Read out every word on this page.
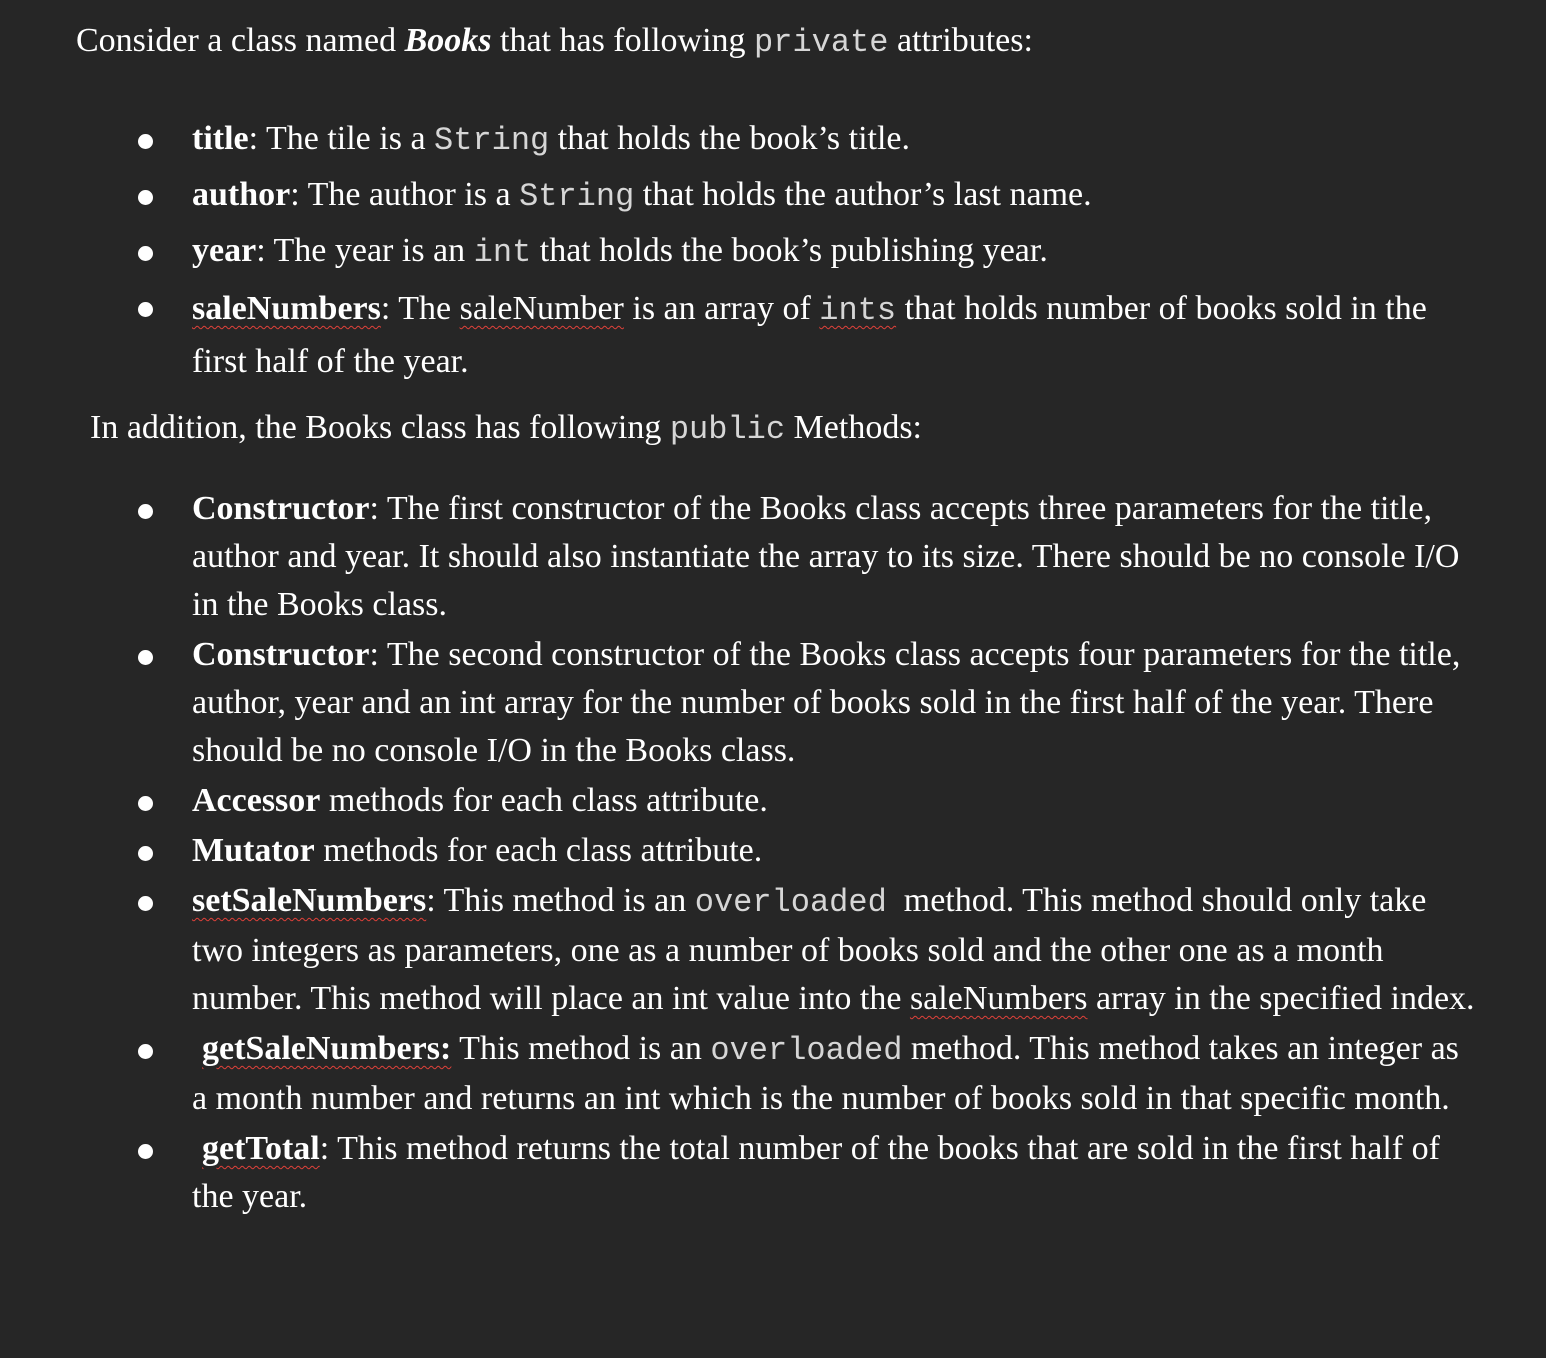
Consider a class named Books that has following private attributes:

title: The tile is a String that holds the book’s title.
author: The author is a String that holds the author’s last name.
year: The year is an int that holds the book’s publishing year.
saleNumbers: The saleNumber is an array of ints that holds number of books sold in the first half of the year.

In addition, the Books class has following public Methods:

Constructor: The first constructor of the Books class accepts three parameters for the title, author and year. It should also instantiate the array to its size. There should be no console I/O in the Books class.
Constructor: The second constructor of the Books class accepts four parameters for the title, author, year and an int array for the number of books sold in the first half of the year. There should be no console I/O in the Books class.
Accessor methods for each class attribute.
Mutator methods for each class attribute.
setSaleNumbers: This method is an overloaded  method. This method should only take two integers as parameters, one as a number of books sold and the other one as a month number. This method will place an int value into the saleNumbers array in the specified index.
getSaleNumbers: This method is an overloaded method. This method takes an integer as a month number and returns an int which is the number of books sold in that specific month.
getTotal: This method returns the total number of the books that are sold in the first half of the year.
